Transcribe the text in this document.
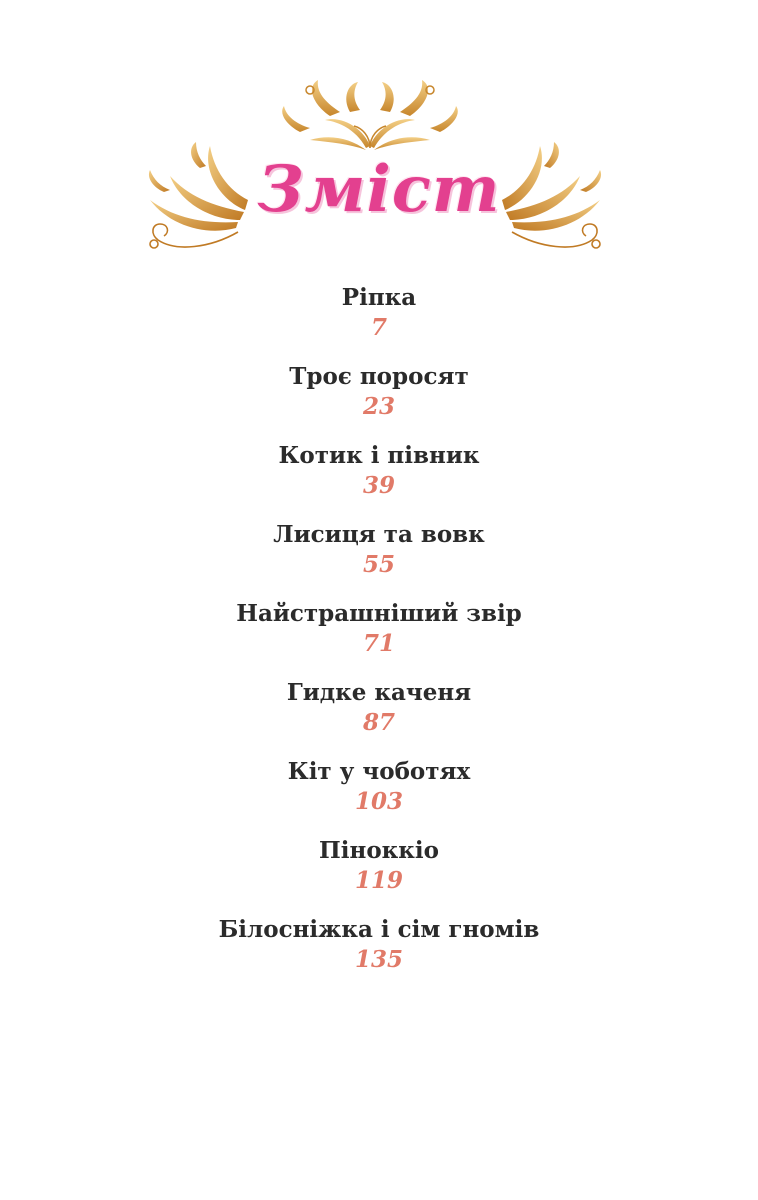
Зміст
Ріпка
7
Троє поросят
23
Котик і півник
39
Лисиця та вовк
55
Найстрашніший звір
71
Гидке каченя
87
Кіт у чоботях
103
Піноккіо
119
Білосніжка і сім гномів
135
